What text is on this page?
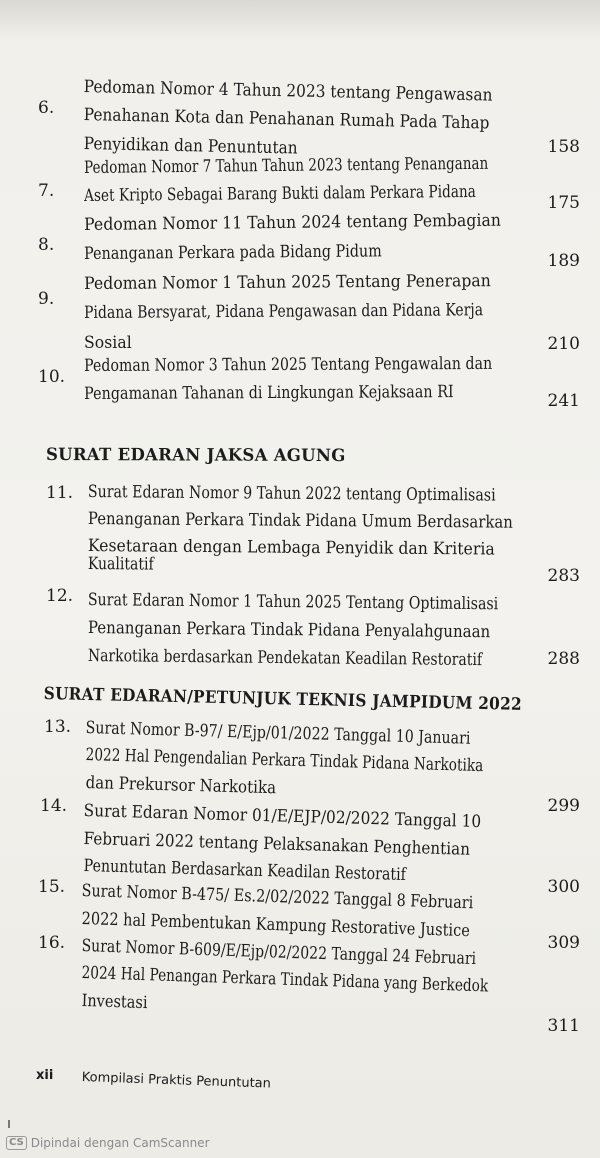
6.
Pedoman Nomor 4 Tahun 2023 tentang Pengawasan
Penahanan Kota dan Penahanan Rumah Pada Tahap
Penyidikan dan Penuntutan	158
7.
Pedoman Nomor 7 Tahun Tahun 2023 tentang Penanganan
Aset Kripto Sebagai Barang Bukti dalam Perkara Pidana	175
8.
Pedoman Nomor 11 Tahun 2024 tentang Pembagian
Penanganan Perkara pada Bidang Pidum	189
9.
Pedoman Nomor 1 Tahun 2025 Tentang Penerapan
Pidana Bersyarat, Pidana Pengawasan dan Pidana Kerja
Sosial	210
10.
Pedoman Nomor 3 Tahun 2025 Tentang Pengawalan dan
Pengamanan Tahanan di Lingkungan Kejaksaan RI	241
SURAT EDARAN JAKSA AGUNG
11. Surat Edaran Nomor 9 Tahun 2022 tentang Optimalisasi
Penanganan Perkara Tindak Pidana Umum Berdasarkan
Kesetaraan dengan Lembaga Penyidik dan Kriteria
Kualitatif
283
12. Surat Edaran Nomor 1 Tahun 2025 Tentang Optimalisasi
Penanganan Perkara Tindak Pidana Penyalahgunaan
Narkotika berdasarkan Pendekatan Keadilan Restoratif	288
SURAT EDARAN/PETUNJUK TEKNIS JAMPIDUM 2022
13. Surat Nomor B-97/ E/Ejp/01/2022 Tanggal 10 Januari
2022 Hal Pengendalian Perkara Tindak Pidana Narkotika
dan Prekursor Narkotika
299
14. Surat Edaran Nomor 01/E/EJP/02/2022 Tanggal 10
Februari 2022 tentang Pelaksanakan Penghentian
Penuntutan Berdasarkan Keadilan Restoratif
300
15. Surat Nomor B-475/ Es.2/02/2022 Tanggal 8 Februari
2022 hal Pembentukan Kampung Restorative Justice
309
16. Surat Nomor B-609/E/Ejp/02/2022 Tanggal 24 Februari
2024 Hal Penangan Perkara Tindak Pidana yang Berkedok
Investasi
311
xii Kompilasi Praktis Penuntutan
CS Dipindai dengan CamScanner
